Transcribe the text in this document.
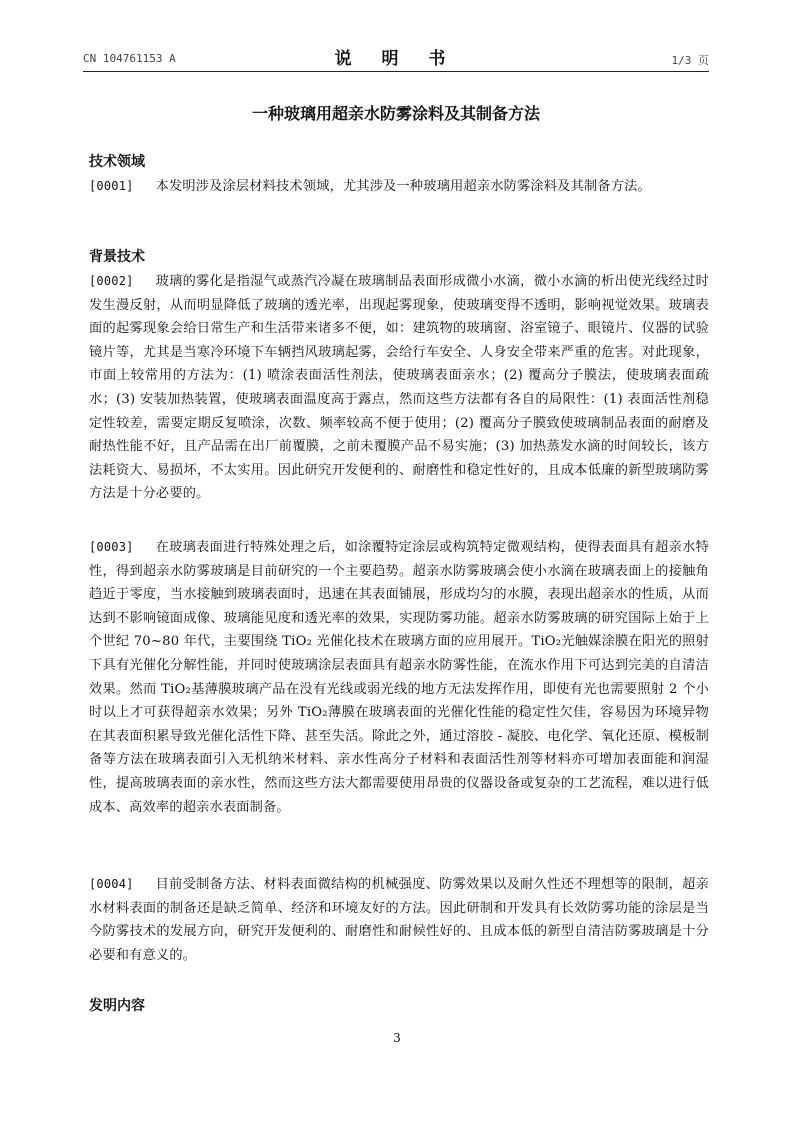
CN 104761153 A	说 明 书	1/3 页
一种玻璃用超亲水防雾涂料及其制备方法
技术领域
[0001] 本发明涉及涂层材料技术领域，尤其涉及一种玻璃用超亲水防雾涂料及其制备方法。
背景技术
[0002] 玻璃的雾化是指湿气或蒸汽冷凝在玻璃制品表面形成微小水滴，微小水滴的析出使光线经过时发生漫反射，从而明显降低了玻璃的透光率，出现起雾现象，使玻璃变得不透明，影响视觉效果。玻璃表面的起雾现象会给日常生产和生活带来诸多不便，如：建筑物的玻璃窗、浴室镜子、眼镜片、仪器的试验镜片等，尤其是当寒冷环境下车辆挡风玻璃起雾，会给行车安全、人身安全带来严重的危害。对此现象，市面上较常用的方法为：(1) 喷涂表面活性剂法，使玻璃表面亲水；(2) 覆高分子膜法，使玻璃表面疏水；(3) 安装加热装置，使玻璃表面温度高于露点，然而这些方法都有各自的局限性：(1) 表面活性剂稳定性较差，需要定期反复喷涂，次数、频率较高不便于使用；(2) 覆高分子膜致使玻璃制品表面的耐磨及耐热性能不好，且产品需在出厂前覆膜，之前未覆膜产品不易实施；(3) 加热蒸发水滴的时间较长，该方法耗资大、易损坏，不太实用。因此研究开发便利的、耐磨性和稳定性好的，且成本低廉的新型玻璃防雾方法是十分必要的。
[0003] 在玻璃表面进行特殊处理之后，如涂覆特定涂层或构筑特定微观结构，使得表面具有超亲水特性，得到超亲水防雾玻璃是目前研究的一个主要趋势。超亲水防雾玻璃会使小水滴在玻璃表面上的接触角趋近于零度，当水接触到玻璃表面时，迅速在其表面铺展，形成均匀的水膜，表现出超亲水的性质，从而达到不影响镜面成像、玻璃能见度和透光率的效果，实现防雾功能。超亲水防雾玻璃的研究国际上始于上个世纪 70~80 年代，主要围绕 TiO₂ 光催化技术在玻璃方面的应用展开。TiO₂光触媒涂膜在阳光的照射下具有光催化分解性能，并同时使玻璃涂层表面具有超亲水防雾性能，在流水作用下可达到完美的自清洁效果。然而 TiO₂基薄膜玻璃产品在没有光线或弱光线的地方无法发挥作用，即使有光也需要照射 2 个小时以上才可获得超亲水效果；另外 TiO₂薄膜在玻璃表面的光催化性能的稳定性欠佳，容易因为环境异物在其表面积累导致光催化活性下降、甚至失活。除此之外，通过溶胶 - 凝胶、电化学、氧化还原、模板制备等方法在玻璃表面引入无机纳米材料、亲水性高分子材料和表面活性剂等材料亦可增加表面能和润湿性，提高玻璃表面的亲水性，然而这些方法大都需要使用昂贵的仪器设备或复杂的工艺流程，难以进行低成本、高效率的超亲水表面制备。
[0004] 目前受制备方法、材料表面微结构的机械强度、防雾效果以及耐久性还不理想等的限制，超亲水材料表面的制备还是缺乏简单、经济和环境友好的方法。因此研制和开发具有长效防雾功能的涂层是当今防雾技术的发展方向，研究开发便利的、耐磨性和耐候性好的、且成本低的新型自清洁防雾玻璃是十分必要和有意义的。
发明内容
3
